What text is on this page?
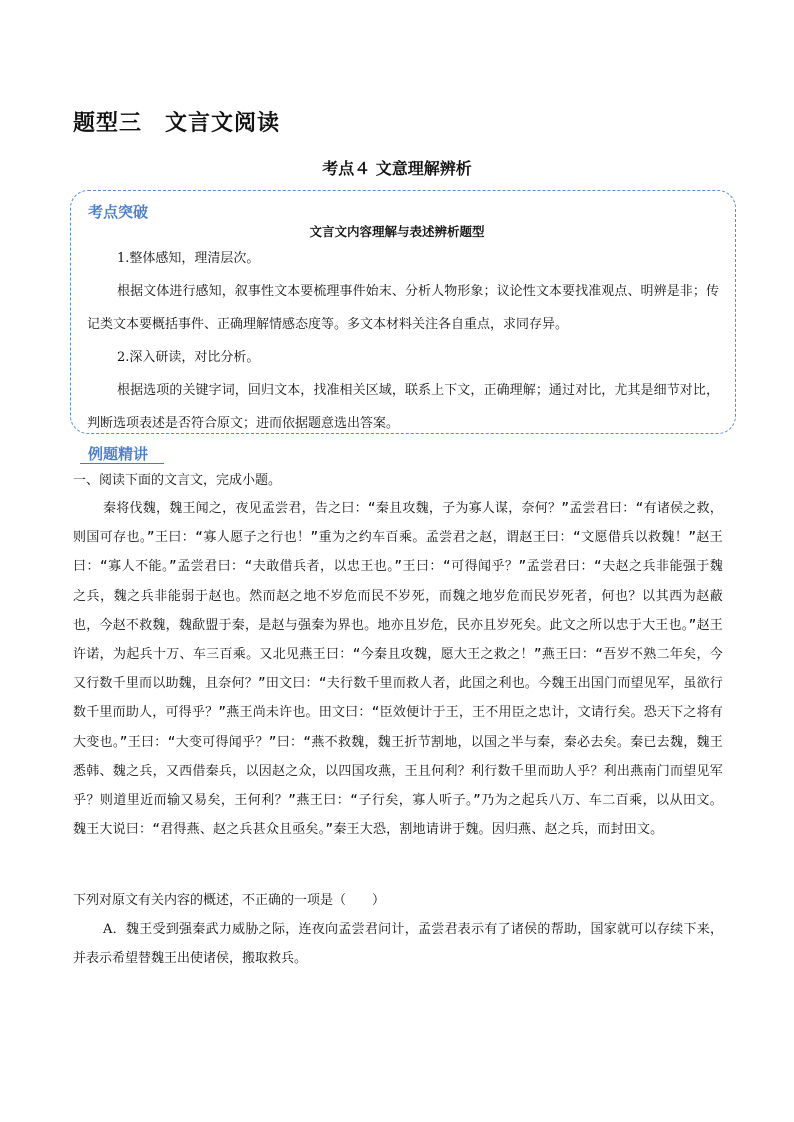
题型三　文言文阅读
考点４ 文意理解辨析
考点突破
文言文内容理解与表述辨析题型
1.整体感知，理清层次。
根据文体进行感知，叙事性文本要梳理事件始末、分析人物形象；议论性文本要找准观点、明辨是非；传记类文本要概括事件、正确理解情感态度等。多文本材料关注各自重点，求同存异。
2.深入研读，对比分析。
根据选项的关键字词，回归文本，找准相关区域，联系上下文，正确理解；通过对比，尤其是细节对比，判断选项表述是否符合原文；进而依据题意选出答案。
例题精讲
一、阅读下面的文言文，完成小题。
秦将伐魏，魏王闻之，夜见孟尝君，告之曰：“秦且攻魏，子为寡人谋，奈何？”孟尝君曰：“有诸侯之救，则国可存也。”王曰：“寡人愿子之行也！”重为之约车百乘。孟尝君之赵，谓赵王曰：“文愿借兵以救魏！”赵王曰：“寡人不能。”孟尝君曰：“夫敢借兵者，以忠王也。”王曰：“可得闻乎？”孟尝君曰：“夫赵之兵非能强于魏之兵，魏之兵非能弱于赵也。然而赵之地不岁危而民不岁死，而魏之地岁危而民岁死者，何也？以其西为赵蔽也，今赵不救魏，魏歃盟于秦，是赵与强秦为界也。地亦且岁危，民亦且岁死矣。此文之所以忠于大王也。”赵王许诺，为起兵十万、车三百乘。又北见燕王曰：“今秦且攻魏，愿大王之救之！”燕王曰：“吾岁不熟二年矣，今又行数千里而以助魏，且奈何？”田文曰：“夫行数千里而救人者，此国之利也。今魏王出国门而望见军，虽欲行数千里而助人，可得乎？”燕王尚未许也。田文曰：“臣效便计于王，王不用臣之忠计，文请行矣。恐天下之将有大变也。”王曰：“大变可得闻乎？”曰：“燕不救魏，魏王折节割地，以国之半与秦，秦必去矣。秦已去魏，魏王悉韩、魏之兵，又西借秦兵，以因赵之众，以四国攻燕，王且何利？利行数千里而助人乎？利出燕南门而望见军乎？则道里近而输又易矣，王何利？”燕王曰：“子行矣，寡人听子。”乃为之起兵八万、车二百乘，以从田文。魏王大说曰：“君得燕、赵之兵甚众且亟矣。”秦王大恐，割地请讲于魏。因归燕、赵之兵，而封田文。
下列对原文有关内容的概述，不正确的一项是（　　）
A．魏王受到强秦武力威胁之际，连夜向孟尝君问计，孟尝君表示有了诸侯的帮助，国家就可以存续下来，并表示希望替魏王出使诸侯，搬取救兵。
